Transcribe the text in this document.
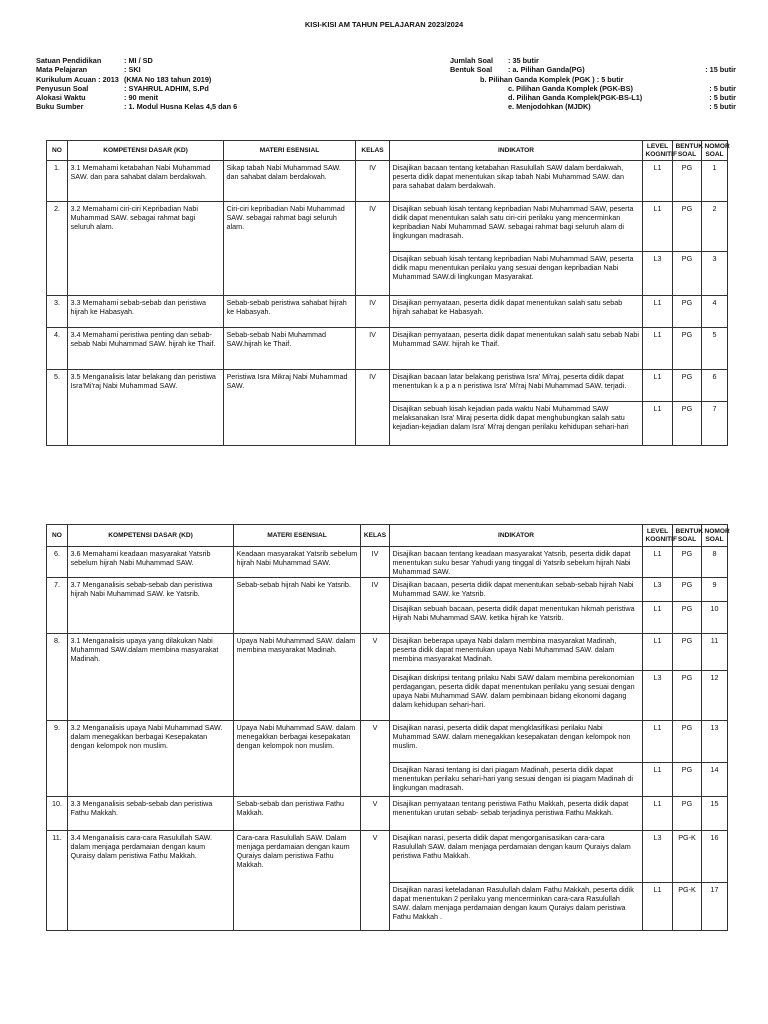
KISI-KISI AM TAHUN PELAJARAN 2023/2024
Satuan Pendidikan	: MI / SD
Mata Pelajaran	: SKI
Kurikulum Acuan : 2013 (KMA No 183 tahun 2019)
Penyusun Soal	: SYAHRUL ADHIM, S.Pd
Alokasi Waktu	: 90 menit
Buku Sumber	: 1. Modul Husna Kelas 4,5 dan 6
Jumlah Soal : 35 butir
Bentuk Soal : a. Pilihan Ganda(PG)	: 15 butir
b. Pilihan Ganda Komplek (PGK ) : 5 butir
c. Pilihan Ganda Komplek (PGK-BS)	: 5 butir
d. Pilihan Ganda Komplek(PGK-BS-L1)	: 5 butir
e. Menjodohkan (MJDK)	: 5 butir
NO	KOMPETENSI DASAR (KD)	MATERI ESENSIAL	KELAS	INDIKATOR	LEVEL KOGNITIF	BENTUK SOAL	NOMOR SOAL
1.	3.1 Memahami ketabahan Nabi Muhammad SAW. dan para sahabat dalam berdakwah.	Sikap tabah Nabi Muhammad SAW. dan sahabat dalam berdakwah.	IV	Disajikan bacaan tentang ketabahan Rasulullah SAW dalam berdakwah, peserta didik dapat menentukan sikap tabah Nabi Muhammad SAW. dan para sahabat dalam berdakwah.	L1	PG	1
2.	3.2 Memahami ciri-ciri Kepribadian Nabi Muhammad SAW. sebagai rahmat bagi seluruh alam.	Ciri-ciri kepribadian Nabi Muhammad SAW. sebagai rahmat bagi seluruh alam.	IV	Disajikan sebuah kisah tentang kepribadian Nabi Muhammad SAW, peserta didik dapat menentukan salah satu ciri-ciri perilaku yang mencerminkan kepribadian Nabi Muhammad SAW. sebagai rahmat bagi seluruh alam di lingkungan madrasah.	L1	PG	2
				Disajikan sebuah kisah tentang kepribadian Nabi Muhammad SAW, peserta didik mapu menentukan perilaku yang sesuai dengan kepribadian Nabi Muhammad SAW.di lingkungan Masyarakat.	L3	PG	3
3.	3.3 Memahami sebab-sebab dan peristiwa hijrah ke Habasyah.	Sebab-sebab peristiwa sahabat hijrah ke Habasyah.	IV	Disajikan pernyataan, peserta didik dapat menentukan salah satu sebab hijrah sahabat ke Habasyah.	L1	PG	4
4.	3.4 Memahami peristiwa penting dan sebab-sebab Nabi Muhammad SAW. hijrah ke Thaif.	Sebab-sebab Nabi Muhammad SAW.hijrah ke Thaif.	IV	Disajikan pernyataan, peserta didik dapat menentukan salah satu sebab Nabi Muhammad SAW. hijrah ke Thaif.	L1	PG	5
5.	3.5 Menganalisis latar belakang dan peristiwa Isra'Mi'raj Nabi Muhammad SAW.	Peristiwa Isra Mikraj Nabi Muhammad SAW.	IV	Disajikan bacaan latar belakang peristiwa Isra' Mi'raj, peserta didik dapat menentukan k a p a n peristiwa Isra' Mi'raj Nabi Muhammad SAW. terjadi.	L1	PG	6
				Disajikan sebuah kisah kejadian pada waktu Nabi Muhammad SAW melaksanakan Isra' Miraj peserta didik dapat menghubungkan salah satu kejadian-kejadian dalam Isra' Mi'raj dengan perilaku kehidupan sehari-hari	L1	PG	7
NO	KOMPETENSI DASAR (KD)	MATERI ESENSIAL	KELAS	INDIKATOR	LEVEL KOGNITIF	BENTUK SOAL	NOMOR SOAL
6.	3.6 Memahami keadaan masyarakat Yatsrib sebelum hijrah Nabi Muhammad SAW.	Keadaan masyarakat Yatsrib sebelum hijrah Nabi Muhammad SAW.	IV	Disajikan bacaan tentang keadaan masyarakat Yatsrib, peserta didik dapat menentukan suku besar Yahudi yang tinggal di Yatsrib sebelum hijrah Nabi Muhammad SAW.	L1	PG	8
7.	3.7 Menganalisis sebab-sebab dan peristiwa hijrah Nabi Muhammad SAW. ke Yatsrib.	Sebab-sebab hijrah Nabi ke Yatsrib.	IV	Disajikan bacaan, peserta didik dapat menentukan sebab-sebab hijrah Nabi Muhammad SAW. ke Yatsrib.	L3	PG	9
				Disajikan sebuah bacaan, peserta didik dapat menentukan hikmah peristiwa Hijrah Nabi Muhammad SAW. ketika hijrah ke Yatsrib.	L1	PG	10
8.	3.1 Menganalisis upaya yang dilakukan Nabi Muhammad SAW.dalam membina masyarakat Madinah.	Upaya Nabi Muhammad SAW. dalam membina masyarakat Madinah.	V	Disajikan beberapa upaya Nabi dalam membina masyarakat Madinah, peserta didik dapat menentukan upaya Nabi Muhammad SAW. dalam membina masyarakat Madinah.	L1	PG	11
				Disajikan diskripsi tentang prilaku Nabi SAW dalam membina perekonomian perdagangan, peserta didik dapat menentukan perilaku yang sesuai dengan upaya Nabi Muhammad SAW. dalam pembinaan bidang ekonomi dagang dalam kehidupan sehari-hari.	L3	PG	12
9.	3.2 Menganalisis upaya Nabi Muhammad SAW. dalam menegakkan berbagai Kesepakatan dengan kelompok non muslim.	Upaya Nabi Muhammad SAW. dalam menegakkan berbagai kesepakatan dengan kelompok non muslim.	V	Disajikan narasi, peserta didik dapat mengklasifikasi perilaku Nabi Muhammad SAW. dalam menegakkan kesepakatan dengan kelompok non muslim.	L1	PG	13
				Disajikan Narasi tentang isi dari piagam Madinah, peserta didik dapat menentukan perilaku sehari-hari yang sesuai dengan isi piagam Madinah di lingkungan madrasah.	L1	PG	14
10.	3.3 Menganalisis sebab-sebab dan peristiwa Fathu Makkah.	Sebab-sebab dan peristiwa Fathu Makkah.	V	Disajikan pernyataan tentang peristiwa Fathu Makkah, peserta didik dapat menentukan urutan sebab- sebab terjadinya peristiwa Fathu Makkah.	L1	PG	15
11.	3.4 Menganalisis cara-cara Rasulullah SAW. dalam menjaga perdamaian dengan kaum Quraisy dalam peristiwa Fathu Makkah.	Cara-cara Rasulullah SAW. Dalam menjaga perdamaian dengan kaum Quraiys dalam peristiwa Fathu Makkah.	V	Disajikan narasi, peserta didik dapat mengorganisasikan cara-cara Rasulullah SAW. dalam menjaga perdamaian dengan kaum Quraiys dalam peristiwa Fathu Makkah.	L3	PG-K	16
				Disajikan narasi keteladanan Rasulullah dalam Fathu Makkah, peserta didik dapat menentukan 2 perilaku yang mencerminkan cara-cara Rasulullah SAW. dalam menjaga perdamaian dengan kaum Quraiys dalam peristiwa Fathu Makkah .	L1	PG-K	17
